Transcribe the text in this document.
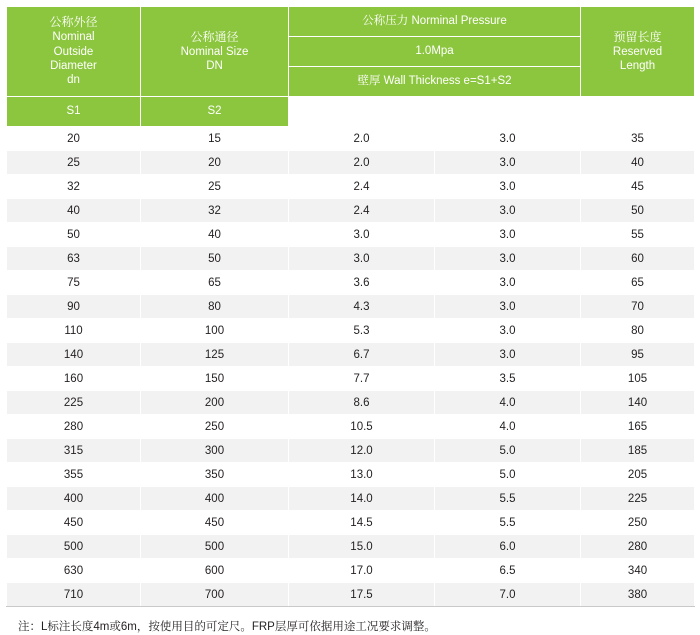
公称外径
Nominal
Outside
Diameter
dn	公称通径
Nominal Size
DN	公称压力 Norminal Pressure		预留长度
Reserved
Length

		1.0Mpa		
		壁厚 Wall Thickness e=S1+S2		
S1	S2			
20	15	2.0	3.0	35
25	20	2.0	3.0	40
32	25	2.4	3.0	45
40	32	2.4	3.0	50
50	40	3.0	3.0	55
63	50	3.0	3.0	60
75	65	3.6	3.0	65
90	80	4.3	3.0	70
110	100	5.3	3.0	80
140	125	6.7	3.0	95
160	150	7.7	3.5	105
225	200	8.6	4.0	140
280	250	10.5	4.0	165
315	300	12.0	5.0	185
355	350	13.0	5.0	205
400	400	14.0	5.5	225
450	450	14.5	5.5	250
500	500	15.0	6.0	280
630	600	17.0	6.5	340
710	700	17.5	7.0	380
注：L标注长度4m或6m，按使用目的可定尺。FRP层厚可依据用途工况要求调整。
